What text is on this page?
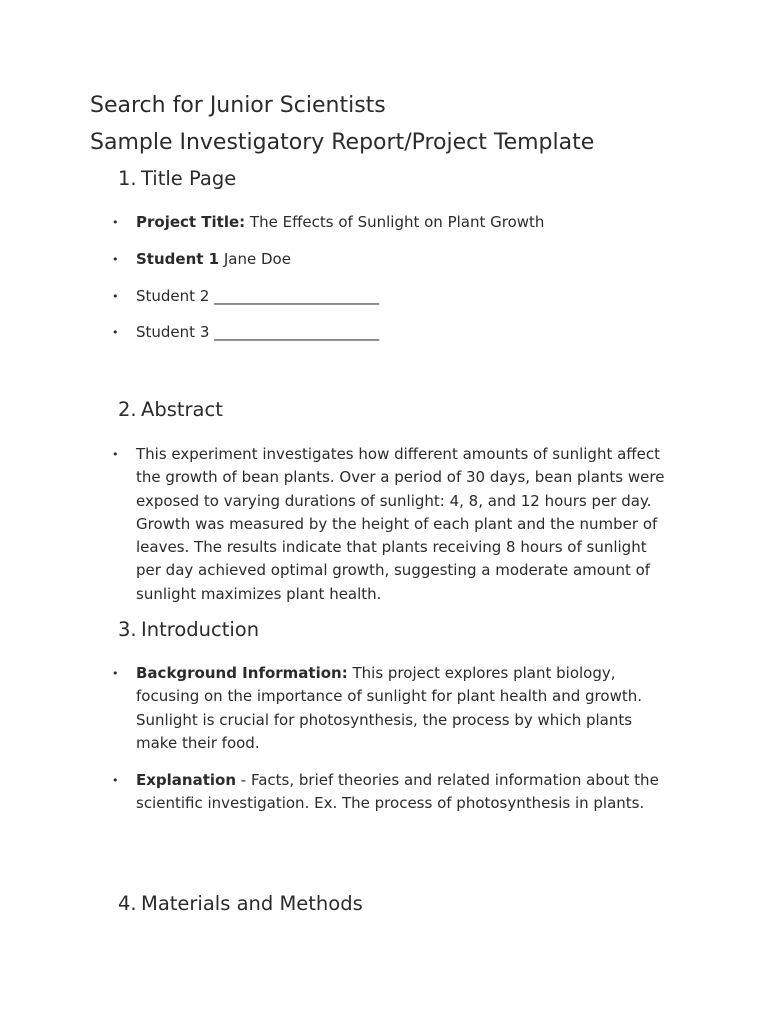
Search for Junior Scientists
Sample Investigatory Report/Project Template
1. Title Page
• Project Title: The Effects of Sunlight on Plant Growth
• Student 1 Jane Doe
• Student 2 ______________________
• Student 3 ______________________
2. Abstract
• This experiment investigates how different amounts of sunlight affect the growth of bean plants. Over a period of 30 days, bean plants were exposed to varying durations of sunlight: 4, 8, and 12 hours per day. Growth was measured by the height of each plant and the number of leaves. The results indicate that plants receiving 8 hours of sunlight per day achieved optimal growth, suggesting a moderate amount of sunlight maximizes plant health.
3. Introduction
• Background Information: This project explores plant biology, focusing on the importance of sunlight for plant health and growth. Sunlight is crucial for photosynthesis, the process by which plants make their food.
• Explanation - Facts, brief theories and related information about the scientific investigation. Ex. The process of photosynthesis in plants.
4. Materials and Methods
